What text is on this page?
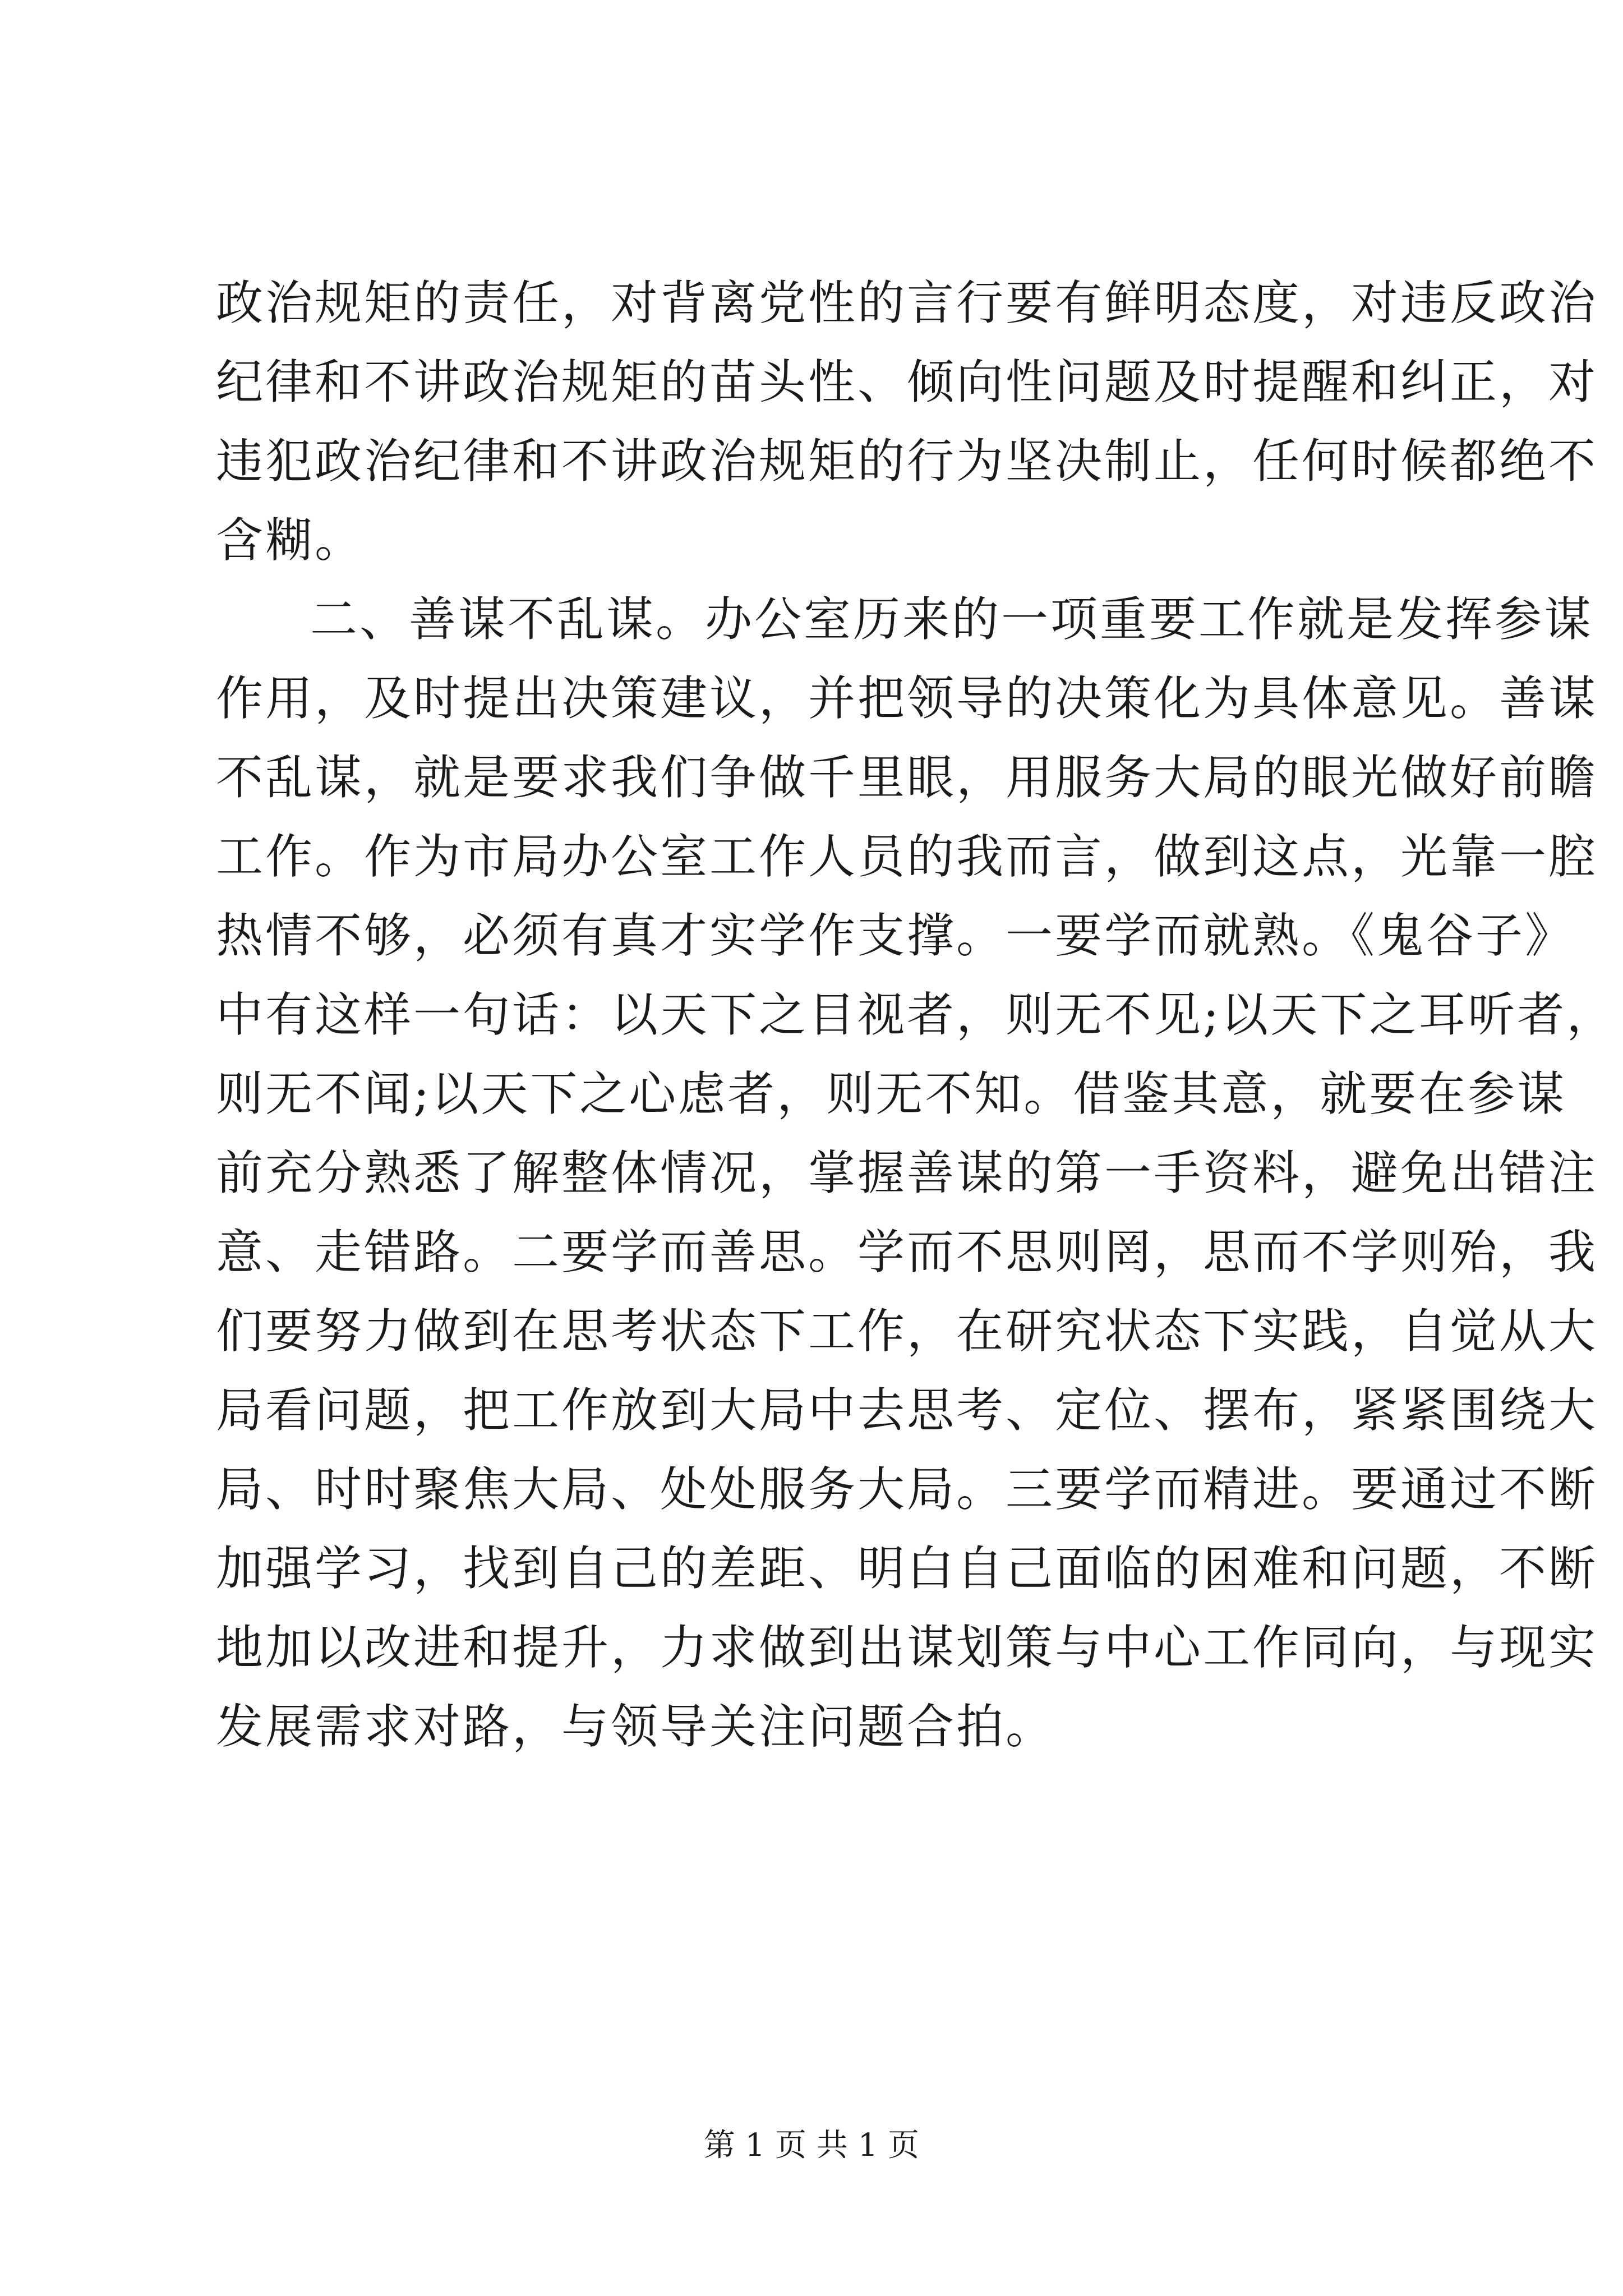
政治规矩的责任，对背离党性的言行要有鲜明态度，对违反政治
纪律和不讲政治规矩的苗头性、倾向性问题及时提醒和纠正，对
违犯政治纪律和不讲政治规矩的行为坚决制止，任何时候都绝不
含糊。
二、善谋不乱谋。办公室历来的一项重要工作就是发挥参谋
作用，及时提出决策建议，并把领导的决策化为具体意见。善谋
不乱谋，就是要求我们争做千里眼，用服务大局的眼光做好前瞻
工作。作为市局办公室工作人员的我而言，做到这点，光靠一腔
热情不够，必须有真才实学作支撑。一要学而就熟。《鬼谷子》
中有这样一句话：以天下之目视者，则无不见;以天下之耳听者，
则无不闻;以天下之心虑者，则无不知。借鉴其意，就要在参谋
前充分熟悉了解整体情况，掌握善谋的第一手资料，避免出错注
意、走错路。二要学而善思。学而不思则罔，思而不学则殆，我
们要努力做到在思考状态下工作，在研究状态下实践，自觉从大
局看问题，把工作放到大局中去思考、定位、摆布，紧紧围绕大
局、时时聚焦大局、处处服务大局。三要学而精进。要通过不断
加强学习，找到自己的差距、明白自己面临的困难和问题，不断
地加以改进和提升，力求做到出谋划策与中心工作同向，与现实
发展需求对路，与领导关注问题合拍。
第 1 页 共 1 页
